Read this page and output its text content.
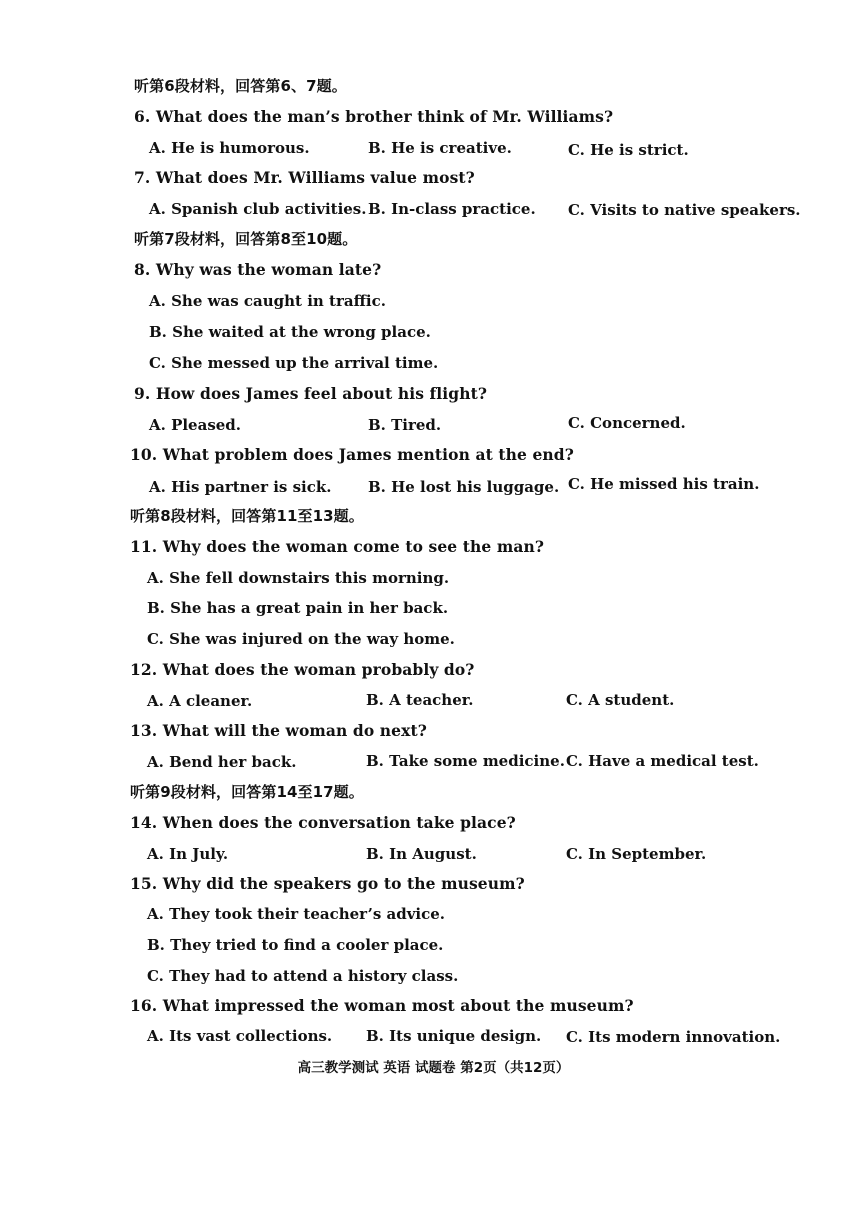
听第6段材料，回答第6、7题。
6. What does the man’s brother think of Mr. Williams?
A. He is humorous.	B. He is creative.	C. He is strict.
7. What does Mr. Williams value most?
A. Spanish club activities. B. In-class practice. C. Visits to native speakers.
听第7段材料，回答第8至10题。
8. Why was the woman late?
A. She was caught in traffic.
B. She waited at the wrong place.
C. She messed up the arrival time.
9. How does James feel about his flight?
A. Pleased.	B. Tired.	C. Concerned.
10. What problem does James mention at the end?
A. His partner is sick. B. He lost his luggage. C. He missed his train.
听第8段材料，回答第11至13题。
11. Why does the woman come to see the man?
A. She fell downstairs this morning.
B. She has a great pain in her back.
C. She was injured on the way home.
12. What does the woman probably do?
A. A cleaner.	B. A teacher.	C. A student.
13. What will the woman do next?
A. Bend her back.	B. Take some medicine. C. Have a medical test.
听第9段材料，回答第14至17题。
14. When does the conversation take place?
A. In July.	B. In August.	C. In September.
15. Why did the speakers go to the museum?
A. They took their teacher’s advice.
B. They tried to find a cooler place.
C. They had to attend a history class.
16. What impressed the woman most about the museum?
A. Its vast collections. B. Its unique design. C. Its modern innovation.
高三教学测试 英语 试题卷 第2页（共12页）
